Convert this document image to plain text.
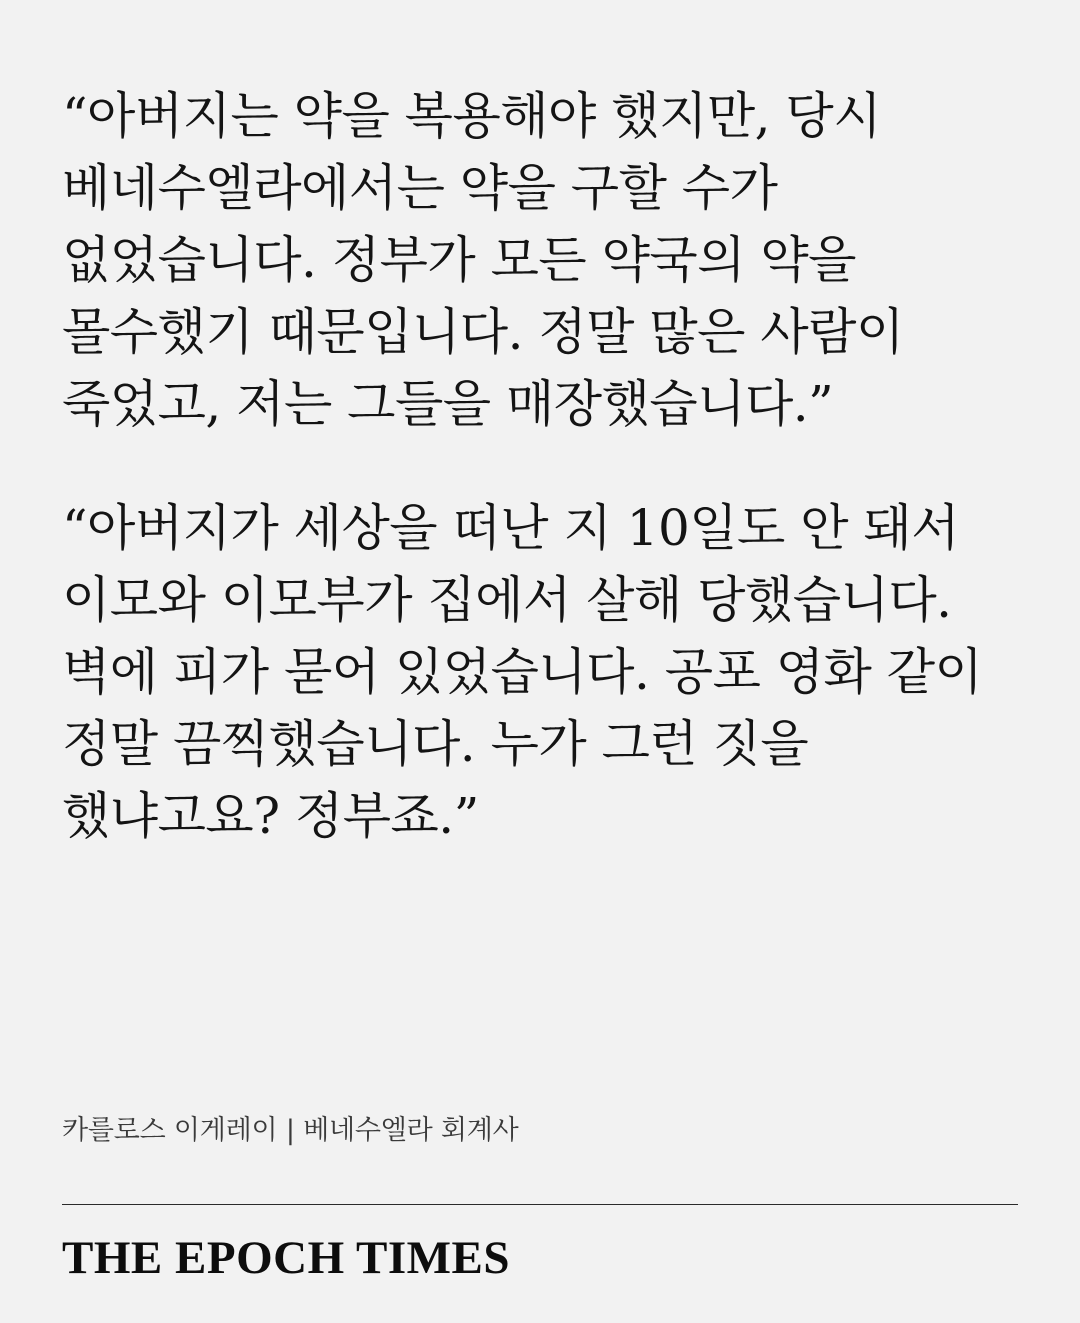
“아버지는 약을 복용해야 했지만, 당시 베네수엘라에서는 약을 구할 수가 없었습니다. 정부가 모든 약국의 약을 몰수했기 때문입니다. 정말 많은 사람이 죽었고, 저는 그들을 매장했습니다.”

“아버지가 세상을 떠난 지 10일도 안 돼서 이모와 이모부가 집에서 살해 당했습니다. 벽에 피가 묻어 있었습니다. 공포 영화 같이 정말 끔찍했습니다. 누가 그런 짓을 했냐고요? 정부죠.”

카를로스 이게레이 | 베네수엘라 회계사
THE EPOCH TIMES
